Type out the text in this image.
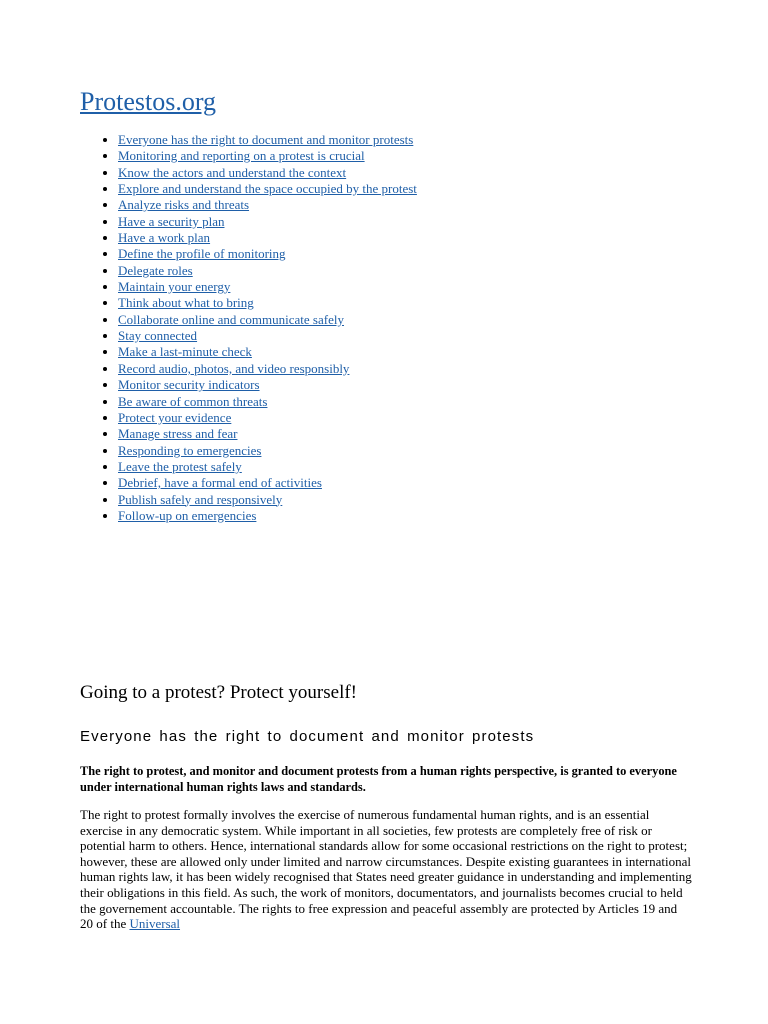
Protestos.org
• Everyone has the right to document and monitor protests
• Monitoring and reporting on a protest is crucial
• Know the actors and understand the context
• Explore and understand the space occupied by the protest
• Analyze risks and threats
• Have a security plan
• Have a work plan
• Define the profile of monitoring
• Delegate roles
• Maintain your energy
• Think about what to bring
• Collaborate online and communicate safely
• Stay connected
• Make a last-minute check
• Record audio, photos, and video responsibly
• Monitor security indicators
• Be aware of common threats
• Protect your evidence
• Manage stress and fear
• Responding to emergencies
• Leave the protest safely
• Debrief, have a formal end of activities
• Publish safely and responsively
• Follow-up on emergencies
Going to a protest? Protect yourself!
Everyone has the right to document and monitor protests

The right to protest, and monitor and document protests from a human rights perspective, is granted to everyone under international human rights laws and standards.

The right to protest formally involves the exercise of numerous fundamental human rights, and is an essential exercise in any democratic system. While important in all societies, few protests are completely free of risk or potential harm to others. Hence, international standards allow for some occasional restrictions on the right to protest; however, these are allowed only under limited and narrow circumstances. Despite existing guarantees in international human rights law, it has been widely recognised that States need greater guidance in understanding and implementing their obligations in this field. As such, the work of monitors, documentators, and journalists becomes crucial to held the governement accountable. The rights to free expression and peaceful assembly are protected by Articles 19 and 20 of the Universal
